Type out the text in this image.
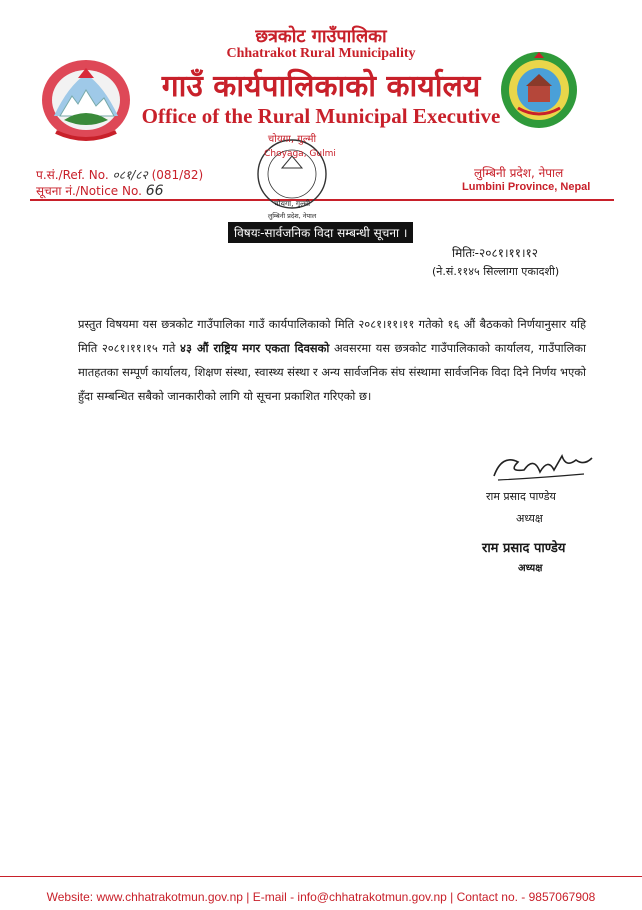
छत्रकोट गाउँपालिका
Chhatrakot Rural Municipality
गाउँ कार्यपालिकाको कार्यालय
Office of the Rural Municipal Executive
प.सं./Ref. No. ०८१/८२ (081/82)
सूचना नं./Notice No. 66
लुम्बिनी प्रदेश, नेपाल
Lumbini Province, Nepal
चोयगा, गुल्मी
Choyaga, Gulmi
चोयगा, गुल्मी
लुम्बिनी प्रदेश, नेपाल
विषयः-सार्वजनिक विदा सम्बन्धी सूचना ।
मितिः-२०८१।११।१२
(ने.सं.११४५ सिल्लागा एकादशी)
प्रस्तुत विषयमा यस छत्रकोट गाउँपालिका गाउँ कार्यपालिकाको मिति २०८१।११।११ गतेको १६ औं बैठकको निर्णयानुसार यहि मिति २०८१।११।१५ गते ४३ औं राष्ट्रिय मगर एकता दिवसको अवसरमा यस छत्रकोट गाउँपालिकाको कार्यालय, गाउँपालिका मातहतका सम्पूर्ण कार्यालय, शिक्षण संस्था, स्वास्थ्य संस्था र अन्य सार्वजनिक संघ संस्थामा सार्वजनिक विदा दिने निर्णय भएको हुँदा सम्बन्धित सबैको जानकारीको लागि यो सूचना प्रकाशित गरिएको छ।
राम प्रसाद पाण्डेय
अध्यक्ष
राम प्रसाद पाण्डेय
अध्यक्ष
Website: www.chhatrakotmun.gov.np | E-mail - info@chhatrakotmun.gov.np | Contact no. - 9857067908
